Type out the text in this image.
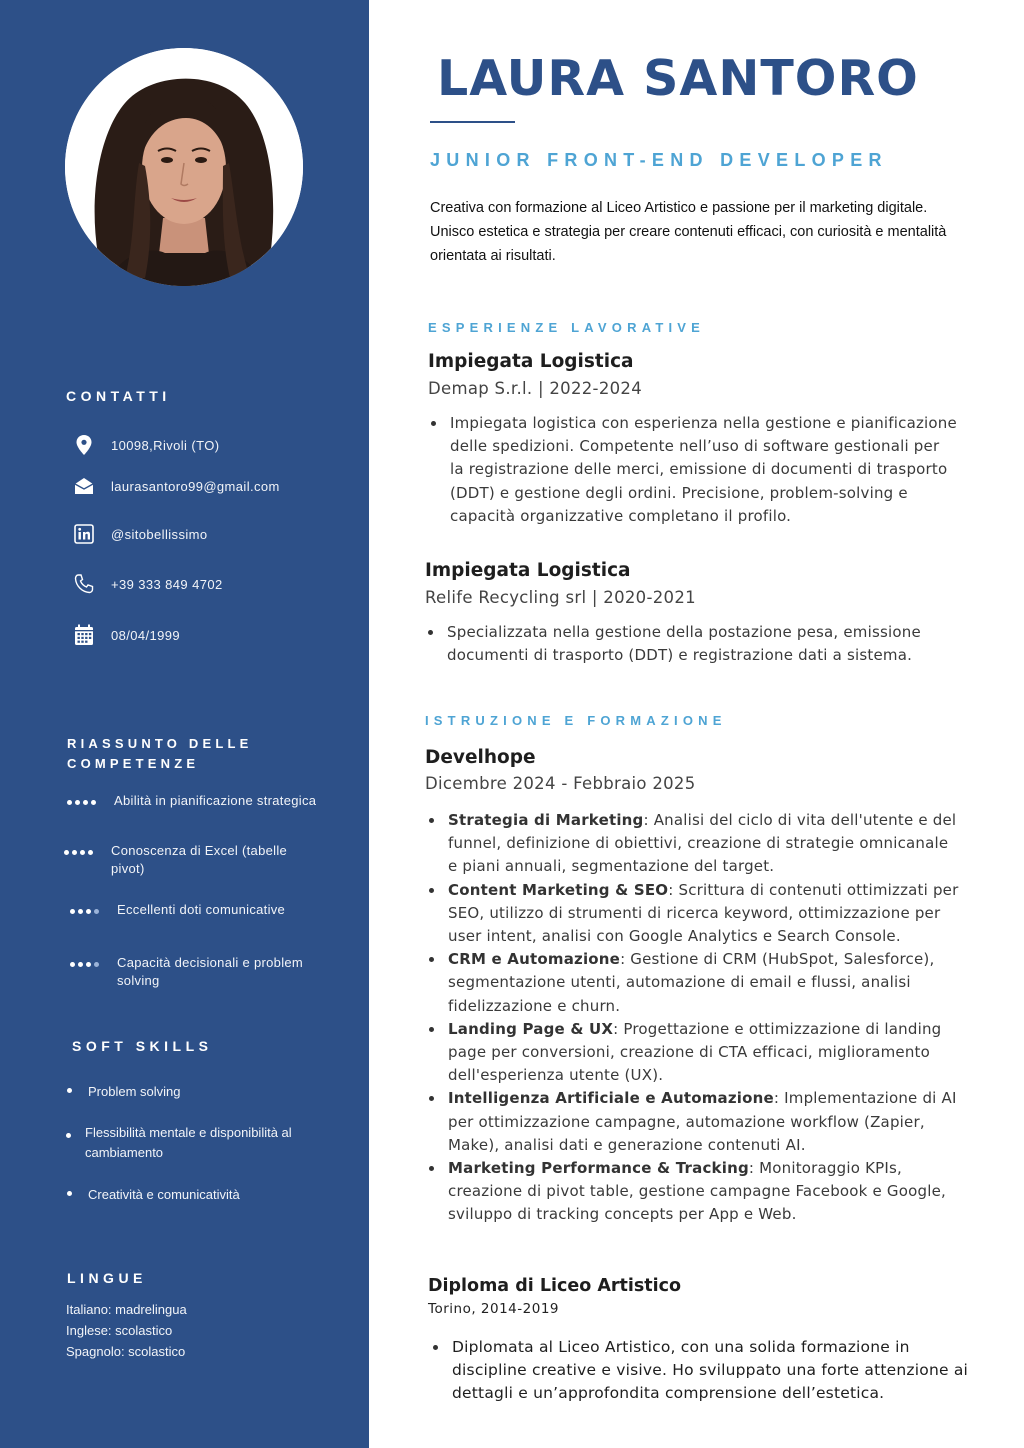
CONTATTI
10098,Rivoli (TO)
laurasantoro99@gmail.com
@sitobellissimo
+39 333 849 4702
08/04/1999
RIASSUNTO DELLE COMPETENZE
Abilità in pianificazione strategica
Conoscenza di Excel (tabelle pivot)
Eccellenti doti comunicative
Capacità decisionali e problem solving
SOFT SKILLS
Problem solving
Flessibilità mentale e disponibilità al cambiamento
Creatività e comunicatività
LINGUE
Italiano: madrelingua
Inglese: scolastico
Spagnolo: scolastico
LAURA SANTORO
JUNIOR FRONT-END DEVELOPER
Creativa con formazione al Liceo Artistico e passione per il marketing digitale. Unisco estetica e strategia per creare contenuti efficaci, con curiosità e mentalità orientata ai risultati.
ESPERIENZE LAVORATIVE
Impiegata Logistica
Demap S.r.l. | 2022-2024
Impiegata logistica con esperienza nella gestione e pianificazione delle spedizioni. Competente nell’uso di software gestionali per la registrazione delle merci, emissione di documenti di trasporto (DDT) e gestione degli ordini. Precisione, problem-solving e capacità organizzative completano il profilo.
Impiegata Logistica
Relife Recycling srl | 2020-2021
Specializzata nella gestione della postazione pesa, emissione documenti di trasporto (DDT) e registrazione dati a sistema.
ISTRUZIONE E FORMAZIONE
Develhope
Dicembre 2024 - Febbraio 2025
Strategia di Marketing: Analisi del ciclo di vita dell'utente e del funnel, definizione di obiettivi, creazione di strategie omnicanale e piani annuali, segmentazione del target.
Content Marketing & SEO: Scrittura di contenuti ottimizzati per SEO, utilizzo di strumenti di ricerca keyword, ottimizzazione per user intent, analisi con Google Analytics e Search Console.
CRM e Automazione: Gestione di CRM (HubSpot, Salesforce), segmentazione utenti, automazione di email e flussi, analisi fidelizzazione e churn.
Landing Page & UX: Progettazione e ottimizzazione di landing page per conversioni, creazione di CTA efficaci, miglioramento dell'esperienza utente (UX).
Intelligenza Artificiale e Automazione: Implementazione di AI per ottimizzazione campagne, automazione workflow (Zapier, Make), analisi dati e generazione contenuti AI.
Marketing Performance & Tracking: Monitoraggio KPIs, creazione di pivot table, gestione campagne Facebook e Google, sviluppo di tracking concepts per App e Web.
Diploma di Liceo Artistico
Torino, 2014-2019
Diplomata al Liceo Artistico, con una solida formazione in discipline creative e visive. Ho sviluppato una forte attenzione ai dettagli e un’approfondita comprensione dell’estetica.
